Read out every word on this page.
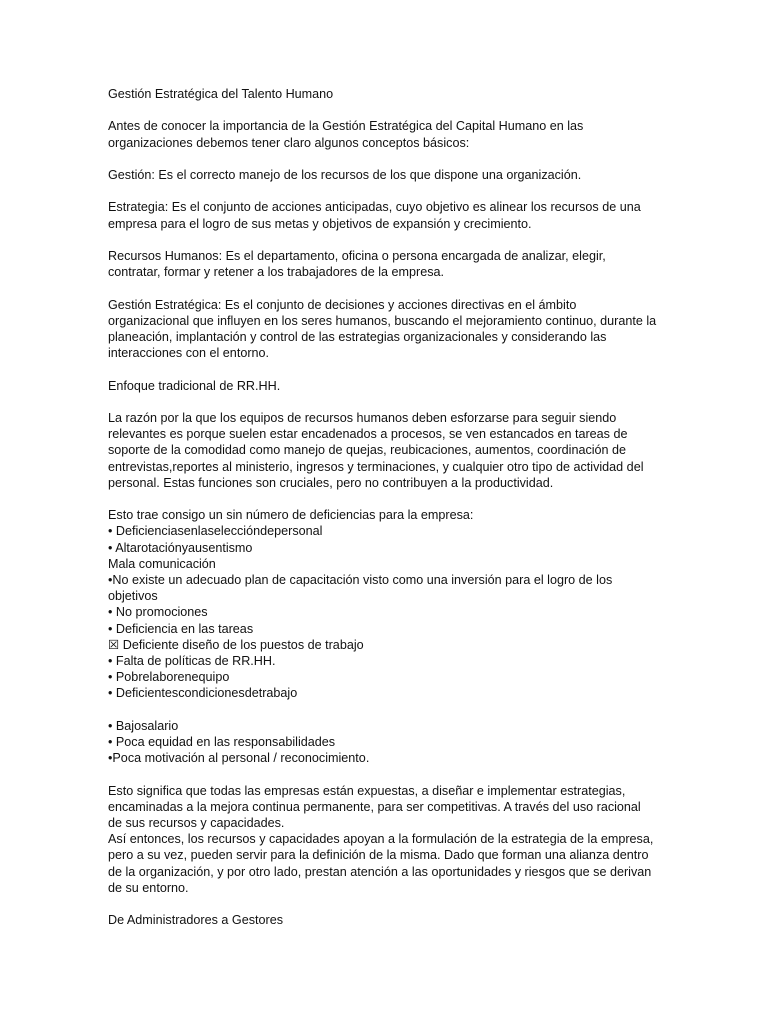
Gestión Estratégica del Talento Humano

Antes de conocer la importancia de la Gestión Estratégica del Capital Humano en las organizaciones debemos tener claro algunos conceptos básicos:

Gestión: Es el correcto manejo de los recursos de los que dispone una organización.

Estrategia: Es el conjunto de acciones anticipadas, cuyo objetivo es alinear los recursos de una empresa para el logro de sus metas y objetivos de expansión y crecimiento.

Recursos Humanos: Es el departamento, oficina o persona encargada de analizar, elegir, contratar, formar y retener a los trabajadores de la empresa.

Gestión Estratégica: Es el conjunto de decisiones y acciones directivas en el ámbito organizacional que influyen en los seres humanos, buscando el mejoramiento continuo, durante la planeación, implantación y control de las estrategias organizacionales y considerando las interacciones con el entorno.

Enfoque tradicional de RR.HH.

La razón por la que los equipos de recursos humanos deben esforzarse para seguir siendo relevantes es porque suelen estar encadenados a procesos, se ven estancados en tareas de soporte de la comodidad como manejo de quejas, reubicaciones, aumentos, coordinación de entrevistas,reportes al ministerio, ingresos y terminaciones, y cualquier otro tipo de actividad del personal. Estas funciones son cruciales, pero no contribuyen a la productividad.

Esto trae consigo un sin número de deficiencias para la empresa:

• Deficienciasenlaseleccióndepersonal
• Altarotaciónyausentismo
Mala comunicación
•No existe un adecuado plan de capacitación visto como una inversión para el logro de los objetivos
• No promociones
• Deficiencia en las tareas
☒ Deficiente diseño de los puestos de trabajo
• Falta de políticas de RR.HH.
• Pobrelaborenequipo
• Deficientescondicionesdetrabajo
• Bajosalario
• Poca equidad en las responsabilidades
•Poca motivación al personal / reconocimiento.

Esto significa que todas las empresas están expuestas, a diseñar e implementar estrategias, encaminadas a la mejora continua permanente, para ser competitivas. A través del uso racional de sus recursos y capacidades.

Así entonces, los recursos y capacidades apoyan a la formulación de la estrategia de la empresa, pero a su vez, pueden servir para la definición de la misma. Dado que forman una alianza dentro de la organización, y por otro lado, prestan atención a las oportunidades y riesgos que se derivan de su entorno.

De Administradores a Gestores
